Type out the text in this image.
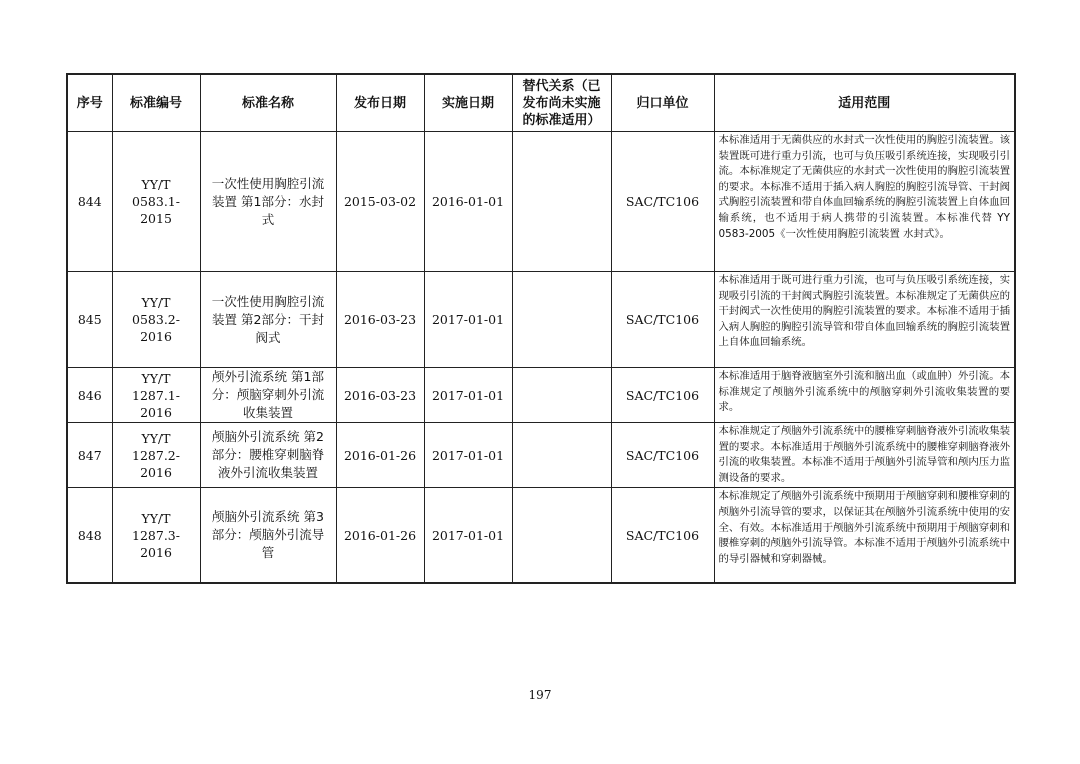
序号	标准编号	标准名称	发布日期	实施日期	替代关系（已发布尚未实施的标准适用）	归口单位	适用范围
844	YY/T 0583.1-2015	一次性使用胸腔引流装置 第1部分：水封式	2015-03-02	2016-01-01		SAC/TC106	本标准适用于无菌供应的水封式一次性使用的胸腔引流装置。该装置既可进行重力引流，也可与负压吸引系统连接，实现吸引引流。本标准规定了无菌供应的水封式一次性使用的胸腔引流装置的要求。本标准不适用于插入病人胸腔的胸腔引流导管、干封阀式胸腔引流装置和带自体血回输系统的胸腔引流装置上自体血回输系统，也不适用于病人携带的引流装置。本标准代替 YY 0583-2005《一次性使用胸腔引流装置 水封式》。
845	YY/T 0583.2-2016	一次性使用胸腔引流装置 第2部分：干封阀式	2016-03-23	2017-01-01		SAC/TC106	本标准适用于既可进行重力引流，也可与负压吸引系统连接，实现吸引引流的干封阀式胸腔引流装置。本标准规定了无菌供应的干封阀式一次性使用的胸腔引流装置的要求。本标准不适用于插入病人胸腔的胸腔引流导管和带自体血回输系统的胸腔引流装置上自体血回输系统。
846	YY/T 1287.1-2016	颅外引流系统 第1部分：颅脑穿刺外引流收集装置	2016-03-23	2017-01-01		SAC/TC106	本标准适用于脑脊液脑室外引流和脑出血（或血肿）外引流。本标准规定了颅脑外引流系统中的颅脑穿刺外引流收集装置的要求。
847	YY/T 1287.2-2016	颅脑外引流系统 第2部分：腰椎穿刺脑脊液外引流收集装置	2016-01-26	2017-01-01		SAC/TC106	本标准规定了颅脑外引流系统中的腰椎穿刺脑脊液外引流收集装置的要求。本标准适用于颅脑外引流系统中的腰椎穿刺脑脊液外引流的收集装置。本标准不适用于颅脑外引流导管和颅内压力监测设备的要求。
848	YY/T 1287.3-2016	颅脑外引流系统 第3部分：颅脑外引流导管	2016-01-26	2017-01-01		SAC/TC106	本标准规定了颅脑外引流系统中预期用于颅脑穿刺和腰椎穿刺的颅脑外引流导管的要求，以保证其在颅脑外引流系统中使用的安全、有效。本标准适用于颅脑外引流系统中预期用于颅脑穿刺和腰椎穿刺的颅脑外引流导管。本标准不适用于颅脑外引流系统中的导引器械和穿刺器械。
197
